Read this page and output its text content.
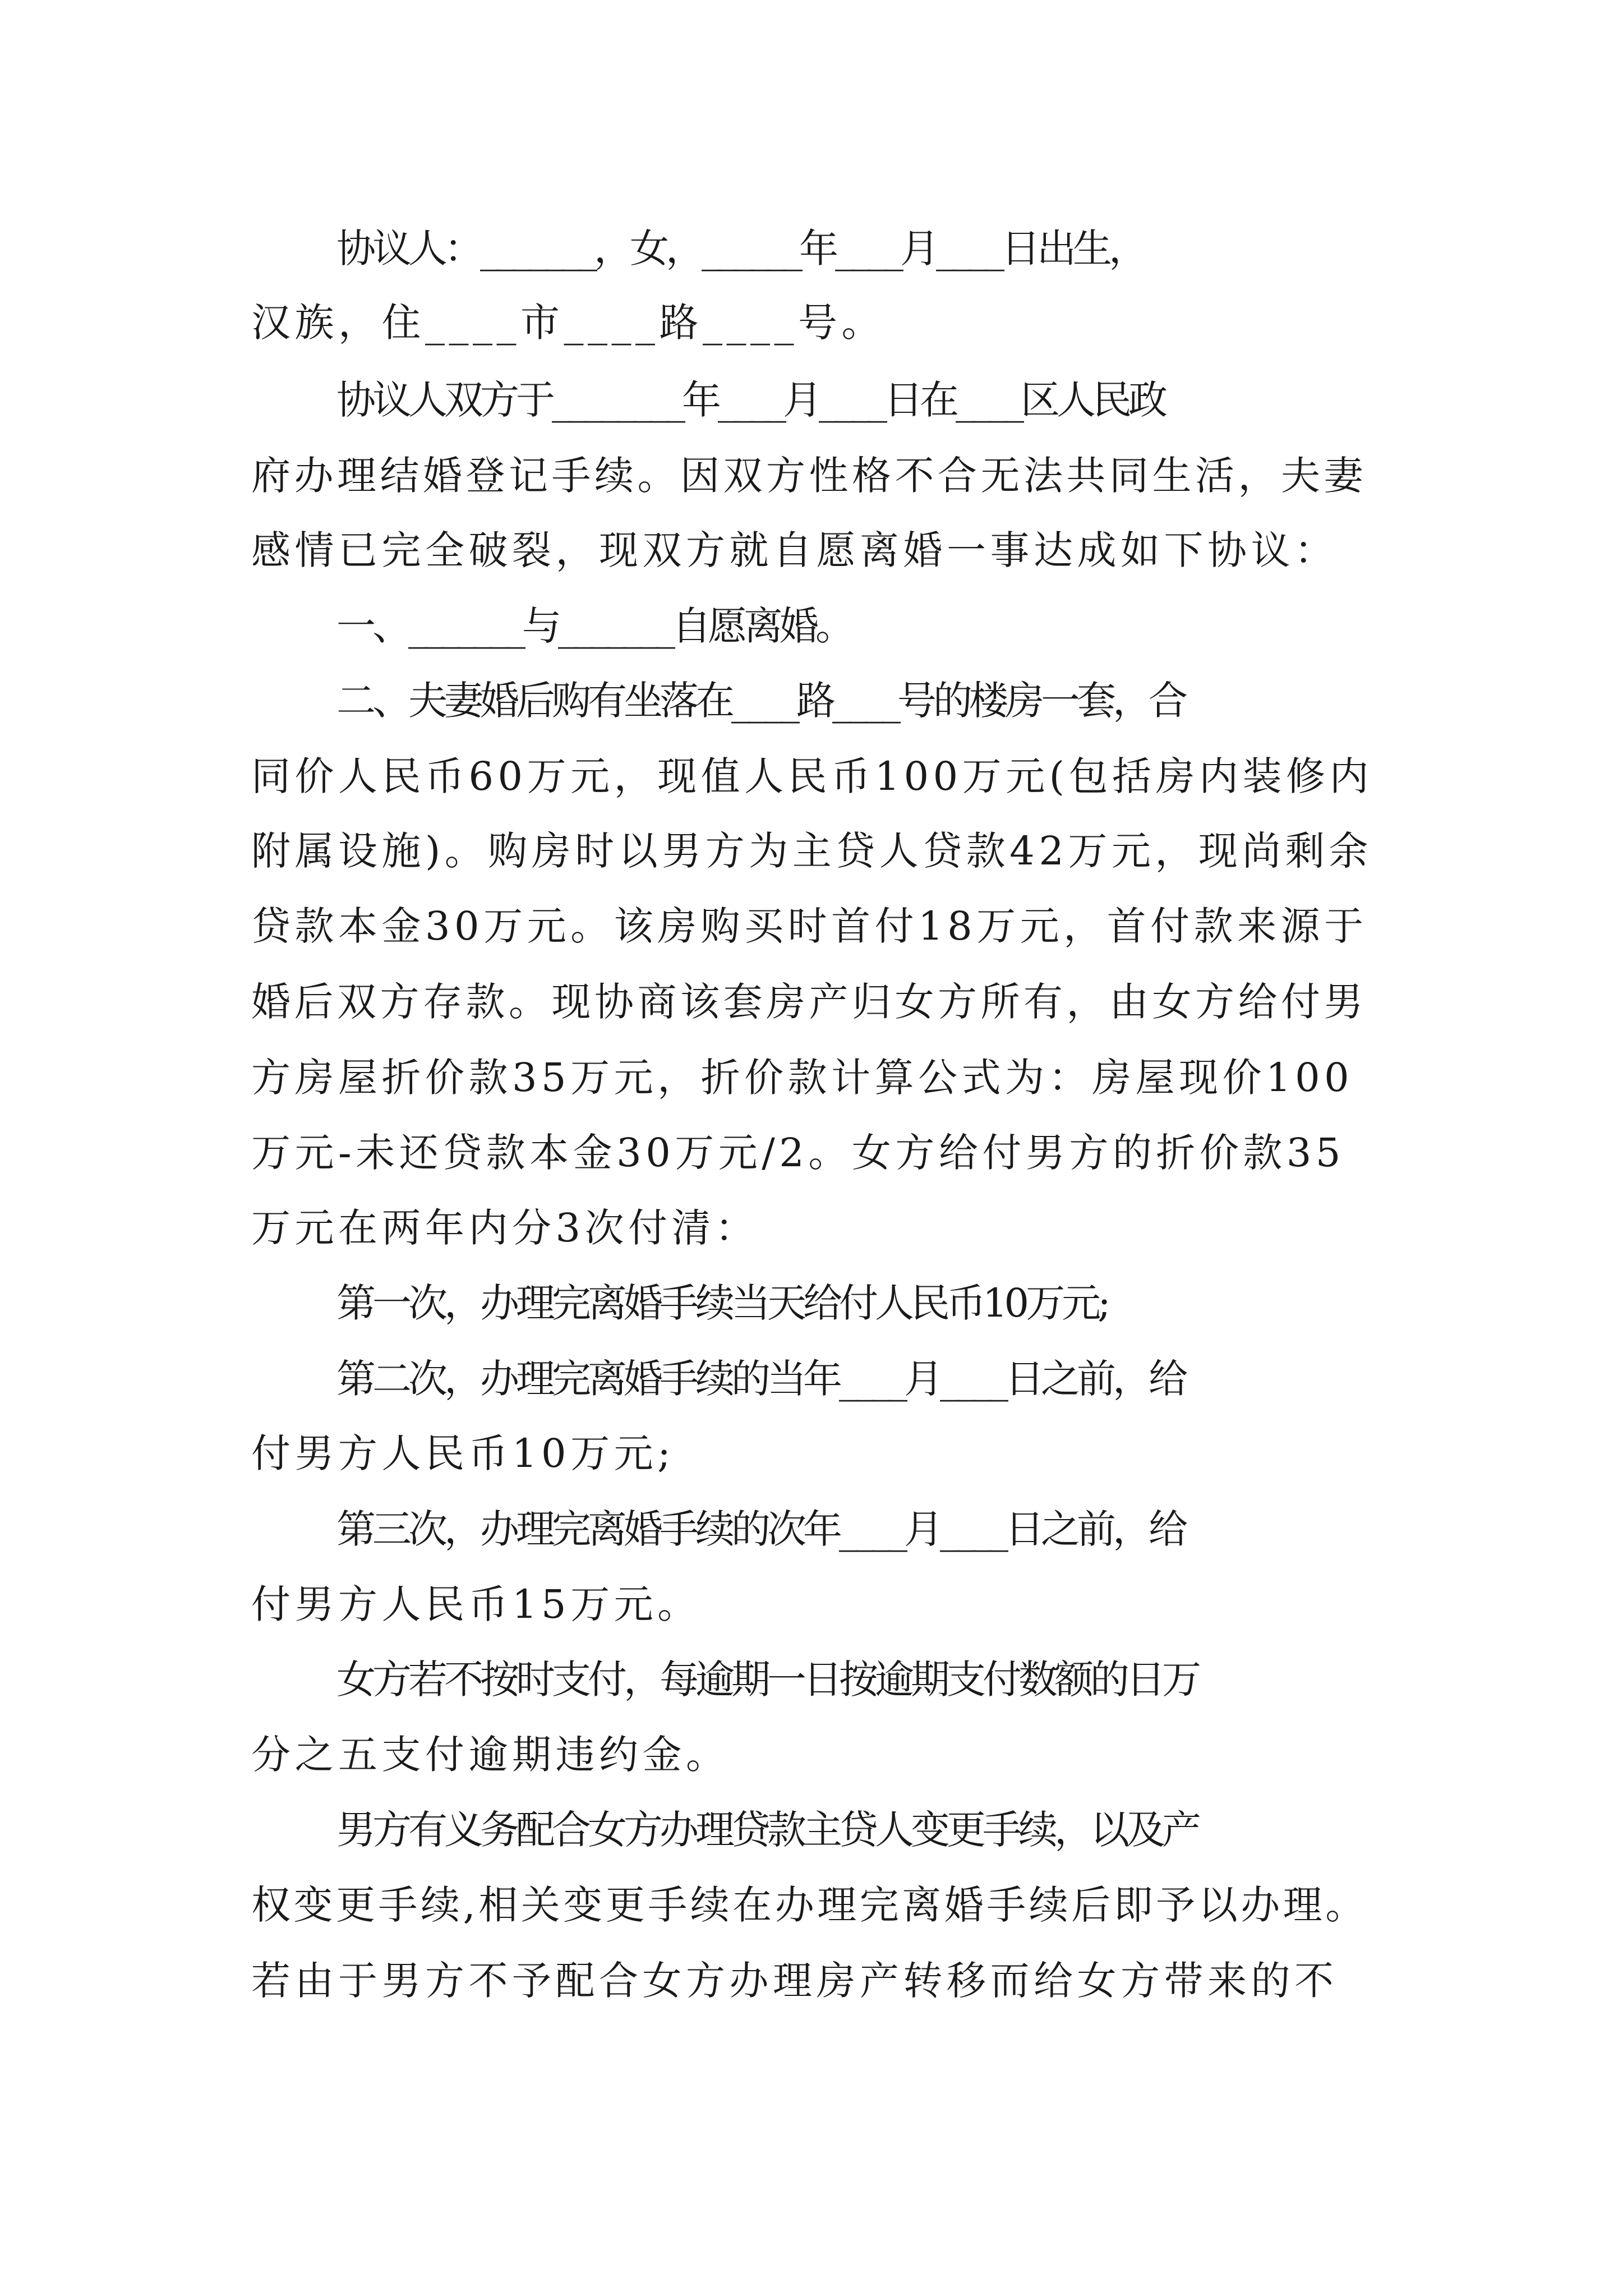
协议人：_______，女，______年____月____日出生，
汉族，住____市____路____号。
协议人双方于________年____月____日在____区人民政
府办理结婚登记手续。因双方性格不合无法共同生活，夫妻
感情已完全破裂，现双方就自愿离婚一事达成如下协议：
一、_______与_______自愿离婚。
二、夫妻婚后购有坐落在____路____号的楼房一套，合
同价人民币60万元，现值人民币100万元(包括房内装修内
附属设施)。购房时以男方为主贷人贷款42万元，现尚剩余
贷款本金30万元。该房购买时首付18万元，首付款来源于
婚后双方存款。现协商该套房产归女方所有，由女方给付男
方房屋折价款35万元，折价款计算公式为：房屋现价100
万元-未还贷款本金30万元/2。女方给付男方的折价款35
万元在两年内分3次付清：
第一次，办理完离婚手续当天给付人民币10万元;
第二次，办理完离婚手续的当年____月____日之前，给
付男方人民币10万元;
第三次，办理完离婚手续的次年____月____日之前，给
付男方人民币15万元。
女方若不按时支付，每逾期一日按逾期支付数额的日万
分之五支付逾期违约金。
男方有义务配合女方办理贷款主贷人变更手续，以及产
权变更手续,相关变更手续在办理完离婚手续后即予以办理。
若由于男方不予配合女方办理房产转移而给女方带来的不
